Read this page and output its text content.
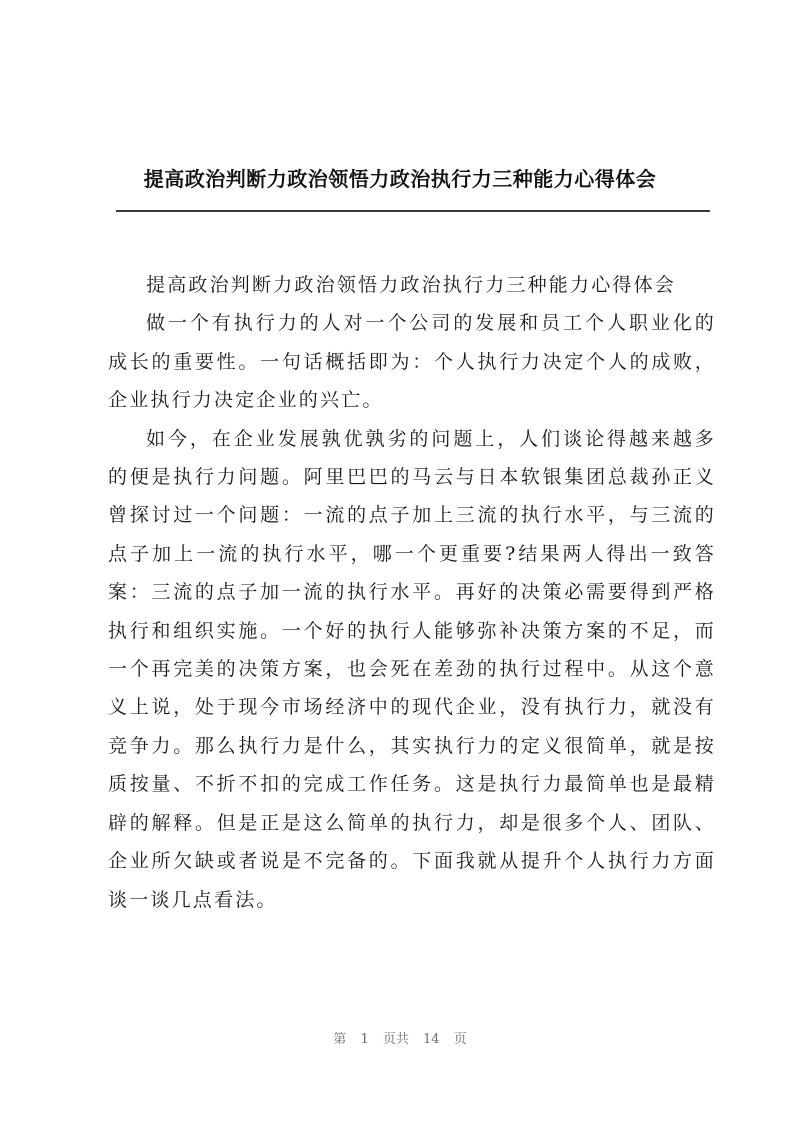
提高政治判断力政治领悟力政治执行力三种能力心得体会

提高政治判断力政治领悟力政治执行力三种能力心得体会

做一个有执行力的人对一个公司的发展和员工个人职业化的成长的重要性。一句话概括即为：个人执行力决定个人的成败，企业执行力决定企业的兴亡。

如今，在企业发展孰优孰劣的问题上，人们谈论得越来越多的便是执行力问题。阿里巴巴的马云与日本软银集团总裁孙正义曾探讨过一个问题：一流的点子加上三流的执行水平，与三流的点子加上一流的执行水平，哪一个更重要?结果两人得出一致答案：三流的点子加一流的执行水平。再好的决策必需要得到严格执行和组织实施。一个好的执行人能够弥补决策方案的不足，而一个再完美的决策方案，也会死在差劲的执行过程中。从这个意义上说，处于现今市场经济中的现代企业，没有执行力，就没有竞争力。那么执行力是什么，其实执行力的定义很简单，就是按质按量、不折不扣的完成工作任务。这是执行力最简单也是最精辟的解释。但是正是这么简单的执行力，却是很多个人、团队、企业所欠缺或者说是不完备的。下面我就从提升个人执行力方面谈一谈几点看法。

第 1 页共 14 页
